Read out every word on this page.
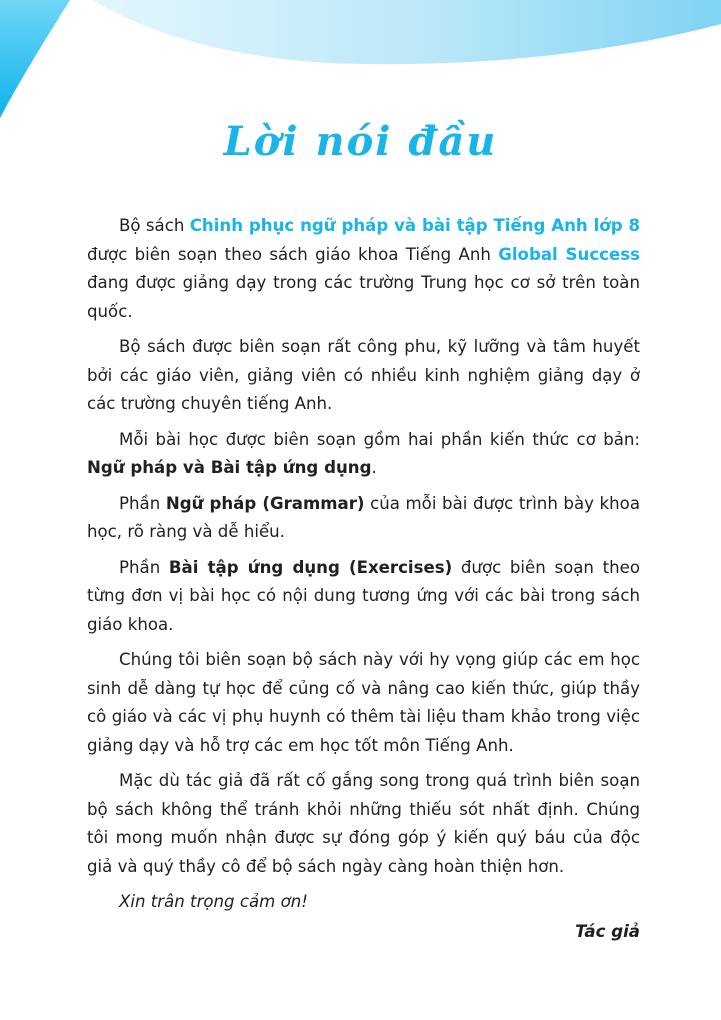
Lời nói đầu

Bộ sách Chinh phục ngữ pháp và bài tập Tiếng Anh lớp 8 được biên soạn theo sách giáo khoa Tiếng Anh Global Success đang được giảng dạy trong các trường Trung học cơ sở trên toàn quốc.

Bộ sách được biên soạn rất công phu, kỹ lưỡng và tâm huyết bởi các giáo viên, giảng viên có nhiều kinh nghiệm giảng dạy ở các trường chuyên tiếng Anh.

Mỗi bài học được biên soạn gồm hai phần kiến thức cơ bản: Ngữ pháp và Bài tập ứng dụng.

Phần Ngữ pháp (Grammar) của mỗi bài được trình bày khoa học, rõ ràng và dễ hiểu.

Phần Bài tập ứng dụng (Exercises) được biên soạn theo từng đơn vị bài học có nội dung tương ứng với các bài trong sách giáo khoa.

Chúng tôi biên soạn bộ sách này với hy vọng giúp các em học sinh dễ dàng tự học để củng cố và nâng cao kiến thức, giúp thầy cô giáo và các vị phụ huynh có thêm tài liệu tham khảo trong việc giảng dạy và hỗ trợ các em học tốt môn Tiếng Anh.

Mặc dù tác giả đã rất cố gắng song trong quá trình biên soạn bộ sách không thể tránh khỏi những thiếu sót nhất định. Chúng tôi mong muốn nhận được sự đóng góp ý kiến quý báu của độc giả và quý thầy cô để bộ sách ngày càng hoàn thiện hơn.

Xin trân trọng cảm ơn!

Tác giả
